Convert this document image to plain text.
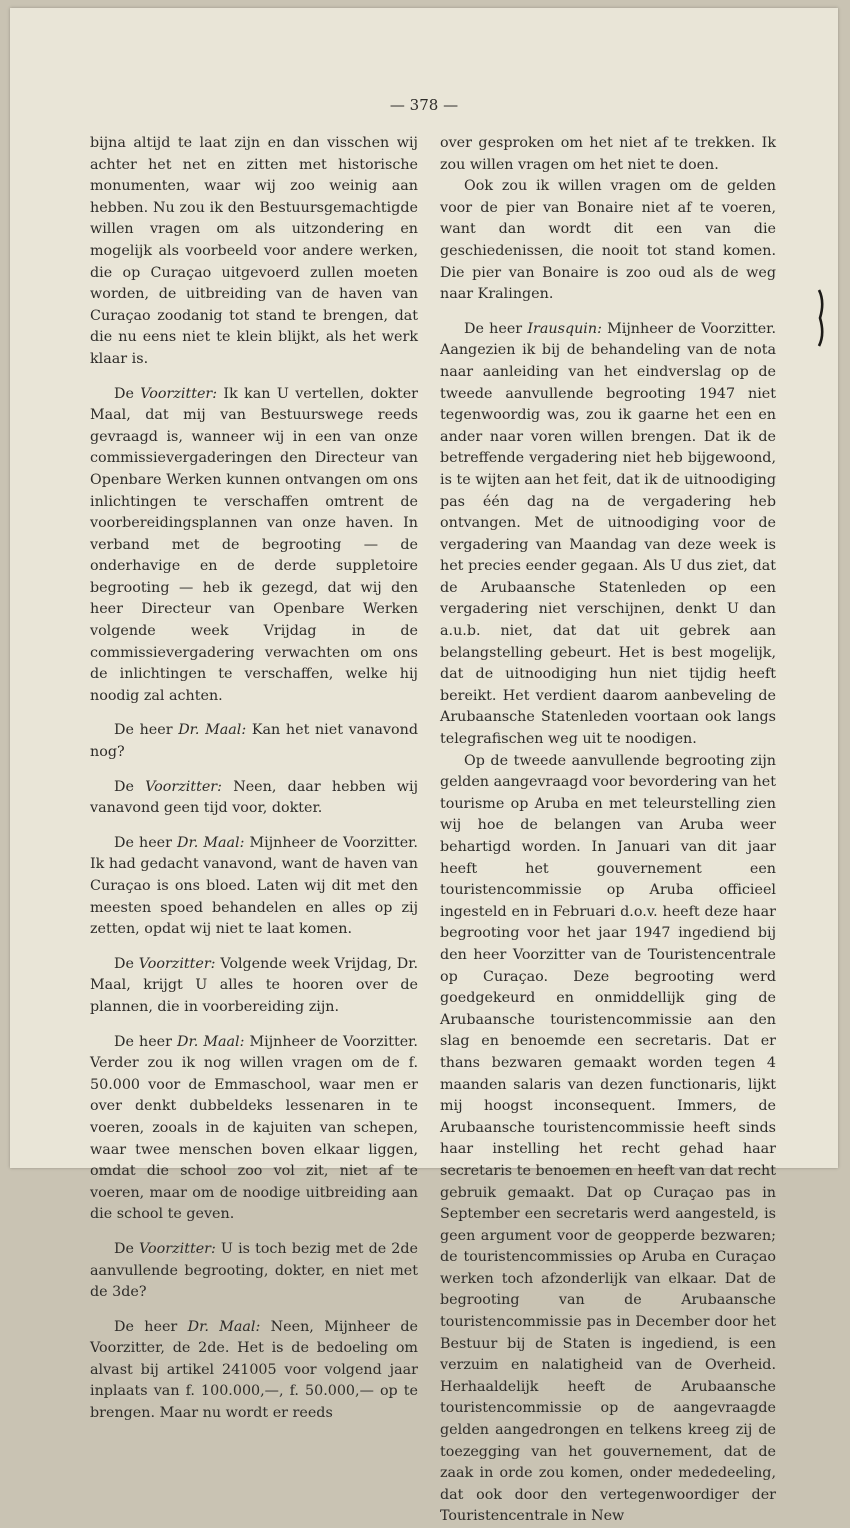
— 378 —

bijna altijd te laat zijn en dan visschen wij achter het net en zitten met historische monumenten, waar wij zoo weinig aan hebben. Nu zou ik den Bestuursgemachtigde willen vragen om als uitzondering en mogelijk als voorbeeld voor andere werken, die op Curaçao uitgevoerd zullen moeten worden, de uitbreiding van de haven van Curaçao zoodanig tot stand te brengen, dat die nu eens niet te klein blijkt, als het werk klaar is.

De Voorzitter: Ik kan U vertellen, dokter Maal, dat mij van Bestuurswege reeds gevraagd is, wanneer wij in een van onze commissievergaderingen den Directeur van Openbare Werken kunnen ontvangen om ons inlichtingen te verschaffen omtrent de voorbereidingsplannen van onze haven. In verband met de begrooting — de onderhavige en de derde suppletoire begrooting — heb ik gezegd, dat wij den heer Directeur van Openbare Werken volgende week Vrijdag in de commissievergadering verwachten om ons de inlichtingen te verschaffen, welke hij noodig zal achten.

De heer Dr. Maal: Kan het niet vanavond nog?

De Voorzitter: Neen, daar hebben wij vanavond geen tijd voor, dokter.

De heer Dr. Maal: Mijnheer de Voorzitter. Ik had gedacht vanavond, want de haven van Curaçao is ons bloed. Laten wij dit met den meesten spoed behandelen en alles op zij zetten, opdat wij niet te laat komen.

De Voorzitter: Volgende week Vrijdag, Dr. Maal, krijgt U alles te hooren over de plannen, die in voorbereiding zijn.

De heer Dr. Maal: Mijnheer de Voorzitter. Verder zou ik nog willen vragen om de f. 50.000 voor de Emmaschool, waar men er over denkt dubbeldeks lessenaren in te voeren, zooals in de kajuiten van schepen, waar twee menschen boven elkaar liggen, omdat die school zoo vol zit, niet af te voeren, maar om de noodige uitbreiding aan die school te geven.

De Voorzitter: U is toch bezig met de 2de aanvullende begrooting, dokter, en niet met de 3de?

De heer Dr. Maal: Neen, Mijnheer de Voorzitter, de 2de. Het is de bedoeling om alvast bij artikel 241005 voor volgend jaar inplaats van f. 100.000,—, f. 50.000,— op te brengen. Maar nu wordt er reeds

over gesproken om het niet af te trekken. Ik zou willen vragen om het niet te doen.

Ook zou ik willen vragen om de gelden voor de pier van Bonaire niet af te voeren, want dan wordt dit een van die geschiedenissen, die nooit tot stand komen. Die pier van Bonaire is zoo oud als de weg naar Kralingen.

De heer Irausquin: Mijnheer de Voorzitter. Aangezien ik bij de behandeling van de nota naar aanleiding van het eindverslag op de tweede aanvullende begrooting 1947 niet tegenwoordig was, zou ik gaarne het een en ander naar voren willen brengen. Dat ik de betreffende vergadering niet heb bijgewoond, is te wijten aan het feit, dat ik de uitnoodiging pas één dag na de vergadering heb ontvangen. Met de uitnoodiging voor de vergadering van Maandag van deze week is het precies eender gegaan. Als U dus ziet, dat de Arubaansche Statenleden op een vergadering niet verschijnen, denkt U dan a.u.b. niet, dat dat uit gebrek aan belangstelling gebeurt. Het is best mogelijk, dat de uitnoodiging hun niet tijdig heeft bereikt. Het verdient daarom aanbeveling de Arubaansche Statenleden voortaan ook langs telegrafischen weg uit te noodigen.

Op de tweede aanvullende begrooting zijn gelden aangevraagd voor bevordering van het tourisme op Aruba en met teleurstelling zien wij hoe de belangen van Aruba weer behartigd worden. In Januari van dit jaar heeft het gouvernement een touristencommissie op Aruba officieel ingesteld en in Februari d.o.v. heeft deze haar begrooting voor het jaar 1947 ingediend bij den heer Voorzitter van de Touristencentrale op Curaçao. Deze begrooting werd goedgekeurd en onmiddellijk ging de Arubaansche touristencommissie aan den slag en benoemde een secretaris. Dat er thans bezwaren gemaakt worden tegen 4 maanden salaris van dezen functionaris, lijkt mij hoogst inconsequent. Immers, de Arubaansche touristencommissie heeft sinds haar instelling het recht gehad haar secretaris te benoemen en heeft van dat recht gebruik gemaakt. Dat op Curaçao pas in September een secretaris werd aangesteld, is geen argument voor de geopperde bezwaren; de touristencommissies op Aruba en Curaçao werken toch afzonderlijk van elkaar. Dat de begrooting van de Arubaansche touristencommissie pas in December door het Bestuur bij de Staten is ingediend, is een verzuim en nalatigheid van de Overheid. Herhaaldelijk heeft de Arubaansche touristencommissie op de aangevraagde gelden aangedrongen en telkens kreeg zij de toezegging van het gouvernement, dat de zaak in orde zou komen, onder mededeeling, dat ook door den vertegenwoordiger der Touristencentrale in New
